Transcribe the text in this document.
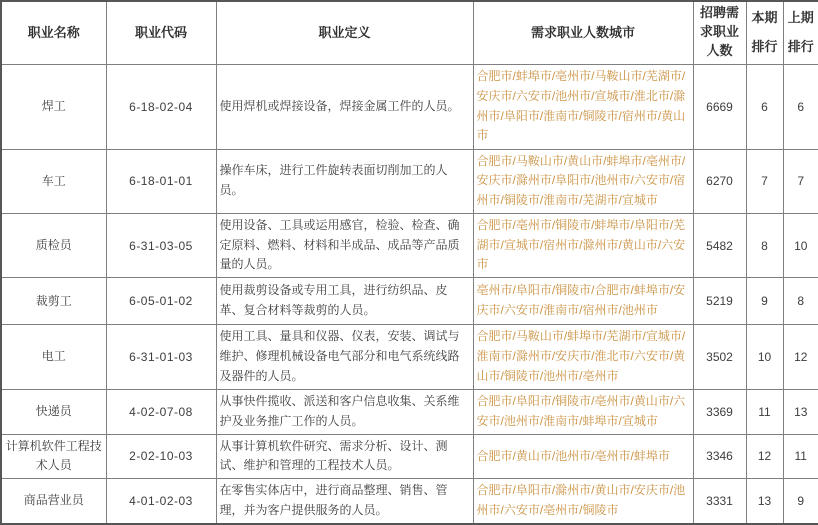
职业名称	职业代码	职业定义	需求职业人数城市	招聘需求职业人数	本期排行	上期排行
焊工	6-18-02-04	使用焊机或焊接设备，焊接金属工件的人员。	合肥市/蚌埠市/亳州市/马鞍山市/芜湖市/安庆市/六安市/池州市/宣城市/淮北市/滁州市/阜阳市/淮南市/铜陵市/宿州市/黄山市	6669	6	6
车工	6-18-01-01	操作车床，进行工件旋转表面切削加工的人员。	合肥市/马鞍山市/黄山市/蚌埠市/亳州市/安庆市/滁州市/阜阳市/池州市/六安市/宿州市/铜陵市/淮南市/芜湖市/宣城市	6270	7	7
质检员	6-31-03-05	使用设备、工具或运用感官，检验、检查、确定原料、燃料、材料和半成品、成品等产品质量的人员。	合肥市/亳州市/铜陵市/蚌埠市/阜阳市/芜湖市/宣城市/宿州市/滁州市/黄山市/六安市	5482	8	10
裁剪工	6-05-01-02	使用裁剪设备或专用工具，进行纺织品、皮革、复合材料等裁剪的人员。	亳州市/阜阳市/铜陵市/合肥市/蚌埠市/安庆市/六安市/淮南市/宿州市/池州市	5219	9	8
电工	6-31-01-03	使用工具、量具和仪器、仪表，安装、调试与维护、修理机械设备电气部分和电气系统线路及器件的人员。	合肥市/马鞍山市/蚌埠市/芜湖市/宣城市/淮南市/滁州市/安庆市/淮北市/六安市/黄山市/铜陵市/池州市/亳州市	3502	10	12
快递员	4-02-07-08	从事快件揽收、派送和客户信息收集、关系维护及业务推广工作的人员。	合肥市/阜阳市/铜陵市/亳州市/黄山市/六安市/池州市/淮南市/蚌埠市/宣城市	3369	11	13
计算机软件工程技术人员	2-02-10-03	从事计算机软件研究、需求分析、设计、测试、维护和管理的工程技术人员。	合肥市/黄山市/池州市/亳州市/蚌埠市	3346	12	11
商品营业员	4-01-02-03	在零售实体店中，进行商品整理、销售、管理，并为客户提供服务的人员。	合肥市/阜阳市/滁州市/黄山市/安庆市/池州市/六安市/亳州市/铜陵市	3331	13	9
